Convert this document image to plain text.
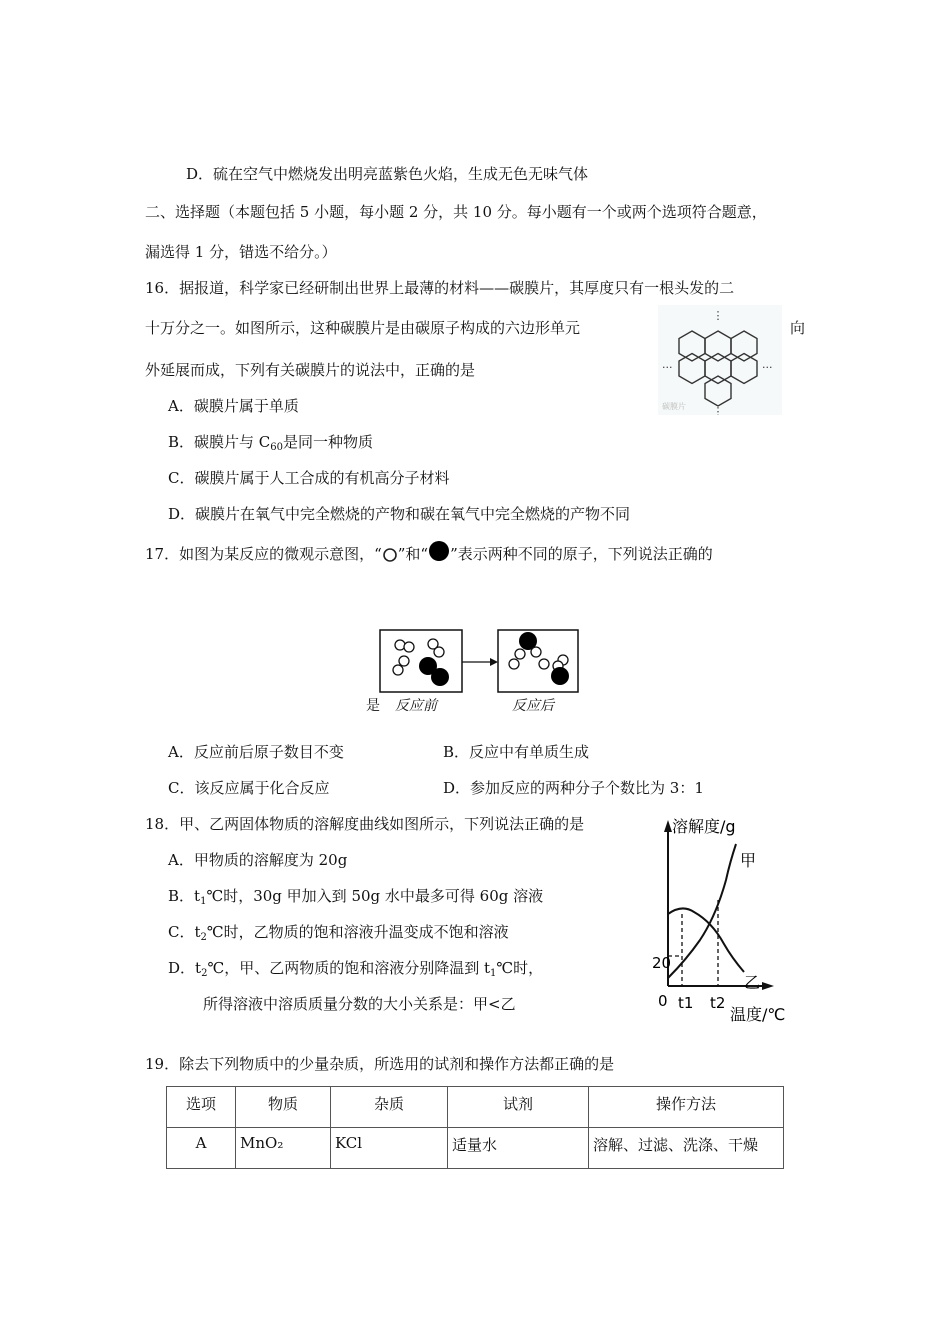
D．硫在空气中燃烧发出明亮蓝紫色火焰，生成无色无味气体
二、选择题（本题包括 5 小题，每小题 2 分，共 10 分。每小题有一个或两个选项符合题意，
漏选得 1 分，错选不给分。）
16．据报道，科学家已经研制出世界上最薄的材料——碳膜片，其厚度只有一根头发的二
十万分之一。如图所示，这种碳膜片是由碳原子构成的六边形单元	向
外延展而成，下列有关碳膜片的说法中，正确的是
⋮
⋮
···	···
碳膜片
A．碳膜片属于单质
B．碳膜片与 $C_{60}$是同一种物质
C．碳膜片属于人工合成的有机高分子材料
D．碳膜片在氧气中完全燃烧的产物和碳在氧气中完全燃烧的产物不同
17．如图为某反应的微观示意图，“ ”和“ ”表示两种不同的原子，下列说法正确的
是 反应前	反应后
A．反应前后原子数目不变	B．反应中有单质生成
C．该反应属于化合反应	D．参加反应的两种分子个数比为 3：1
18．甲、乙两固体物质的溶解度曲线如图所示，下列说法正确的是
A．甲物质的溶解度为 20g
B．$t_1℃$时，30g 甲加入到 50g 水中最多可得 60g 溶液
C．$t_2℃$时，乙物质的饱和溶液升温变成不饱和溶液
D．$t_2℃$，甲、乙两物质的饱和溶液分别降温到 $t_1℃$时，
所得溶液中溶质质量分数的大小关系是：甲<乙
溶解度/g
温度/℃
20
0 t1 t2
甲
乙
19．除去下列物质中的少量杂质，所选用的试剂和操作方法都正确的是
选项	物质	杂质	试剂	操作方法
A	MnO₂	KCl	适量水	溶解、过滤、洗涤、干燥
